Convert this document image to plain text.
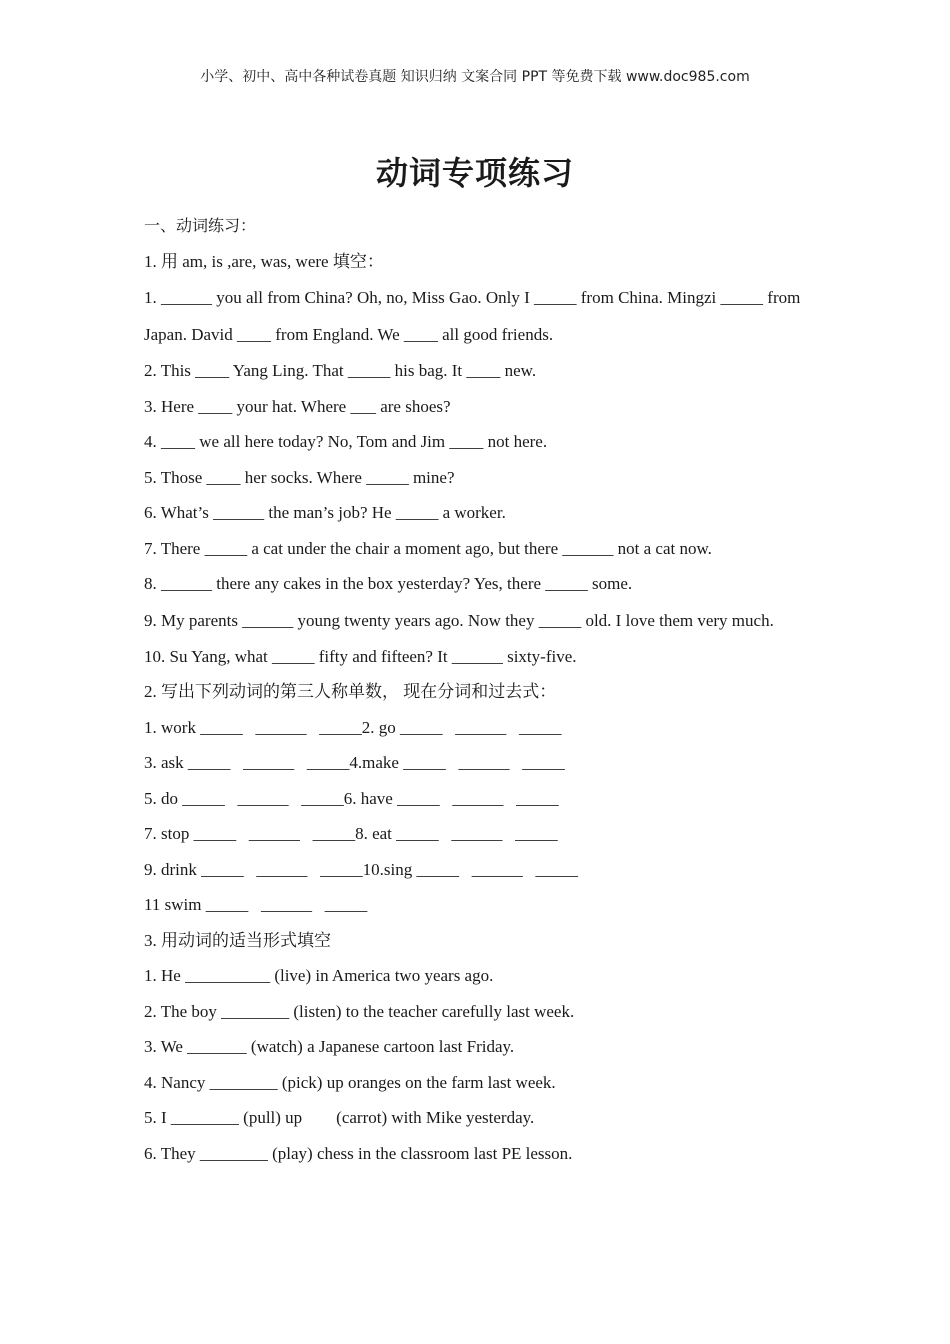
小学、初中、高中各种试卷真题 知识归纳 文案合同 PPT 等免费下载 www.doc985.com
动词专项练习
一、动词练习：
1. 用 am, is ,are, was, were 填空：
1. ______ you all from China? Oh, no, Miss Gao. Only I _____ from China. Mingzi _____ from Japan. David ____ from England. We ____ all good friends.
2. This ____ Yang Ling. That _____ his bag. It ____ new.
3. Here ____ your hat. Where ___ are shoes?
4. ____ we all here today? No, Tom and Jim ____ not here.
5. Those ____ her socks. Where _____ mine?
6. What’s ______ the man’s job? He _____ a worker.
7. There _____ a cat under the chair a moment ago, but there ______ not a cat now.
8. ______ there any cakes in the box yesterday? Yes, there _____ some.
9. My parents ______ young twenty years ago. Now they _____ old. I love them very much.
10. Su Yang, what _____ fifty and fifteen? It ______ sixty-five.
2. 写出下列动词的第三人称单数， 现在分词和过去式：
1. work _____   ______   _____2. go _____   ______   _____
3. ask _____   ______   _____4.make _____   ______   _____
5. do _____   ______   _____6. have _____   ______   _____
7. stop _____   ______   _____8. eat _____   ______   _____
9. drink _____   ______   _____10.sing _____   ______   _____
11 swim _____   ______   _____
3. 用动词的适当形式填空
1. He __________ (live) in America two years ago.
2. The boy ________ (listen) to the teacher carefully last week.
3. We _______ (watch) a Japanese cartoon last Friday.
4. Nancy ________ (pick) up oranges on the farm last week.
5. I ________ (pull) up        (carrot) with Mike yesterday.
6. They ________ (play) chess in the classroom last PE lesson.
